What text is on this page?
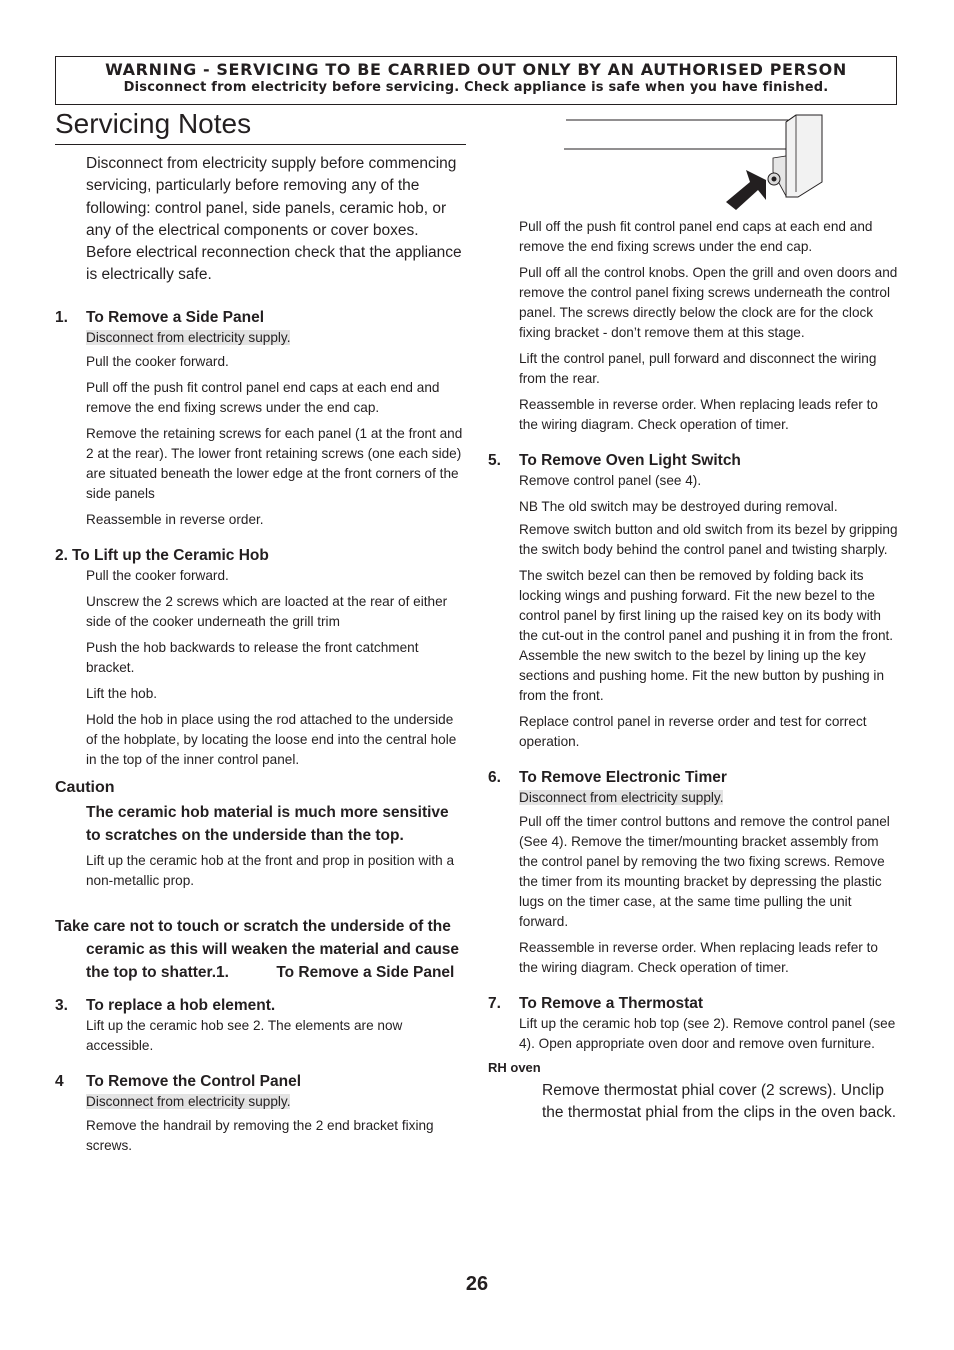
WARNING - SERVICING TO BE CARRIED OUT ONLY BY AN AUTHORISED PERSON
Disconnect from electricity before servicing. Check appliance is safe when you have finished.
Servicing Notes

Disconnect from electricity supply before commencing servicing, particularly before removing any of the following: control panel, side panels, ceramic hob, or any of the electrical components or cover boxes. Before electrical reconnection check that the appliance is electrically safe.

1.	To Remove a Side Panel

Disconnect from electricity supply.

Pull the cooker forward.

Pull off the push fit control panel end caps at each end and remove the end fixing screws under the end cap.

Remove the retaining screws for each panel (1 at the front and 2 at the rear). The lower front retaining screws (one each side) are situated beneath the lower edge at the front corners of the side panels

Reassemble in reverse order.

2. To Lift up the Ceramic Hob

Pull the cooker forward.

Unscrew the 2 screws which are loacted at the rear of either side of the cooker underneath the grill trim

Push the hob backwards to release the front catchment bracket.

Lift the hob.

Hold the hob in place using the rod attached to the underside of the hobplate, by locating the loose end into the central hole in the top of the inner control panel.

Caution

The ceramic hob material is much more sensitive to scratches on the underside than the top.

Lift up the ceramic hob at the front and prop in position with a non-metallic prop.

Take care not to touch or scratch the underside of the ceramic as this will weaken the material and cause the top to shatter.1.           To Remove a Side Panel
3.	To replace a hob element.

Lift up the ceramic hob see 2. The elements are now accessible.

4	To Remove the Control Panel

Disconnect from electricity supply.

Remove the handrail by removing the 2 end bracket fixing screws.

Pull off the push fit control panel end caps at each end and remove the end fixing screws under the end cap.

Pull off all the control knobs. Open the grill and oven doors and remove the control panel fixing screws underneath the control panel. The screws directly below the clock are for the clock fixing bracket - don’t remove them at this stage.

Lift the control panel, pull forward and disconnect the wiring from the rear.

Reassemble in reverse order. When replacing leads refer to the wiring diagram. Check operation of timer.

5.	To Remove Oven Light Switch

Remove control panel (see 4).

NB The old switch may be destroyed during removal.

Remove switch button and old switch from its bezel by gripping the switch body behind the control panel and twisting sharply.

The switch bezel can then be removed by folding back its locking wings and pushing forward. Fit the new bezel to the control panel by first lining up the raised key on its body with the cut-out in the control panel and pushing it in from the front. Assemble the new switch to the bezel by lining up the key sections and pushing home. Fit the new button by pushing in from the front.

Replace control panel in reverse order and test for correct operation.

6.	To Remove Electronic Timer

Disconnect from electricity supply.

Pull off the timer control buttons and remove the control panel (See 4). Remove the timer/mounting bracket assembly from the control panel by removing the two fixing screws. Remove the timer from its mounting bracket by depressing the plastic lugs on the timer case, at the same time pulling the unit forward.

Reassemble in reverse order. When replacing leads refer to the wiring diagram. Check operation of timer.

7.	To Remove a Thermostat

Lift up the ceramic hob top (see 2). Remove control panel (see 4). Open appropriate oven door and remove oven furniture.

RH oven
Remove thermostat phial cover (2 screws). Unclip the thermostat phial from the clips in the oven back.
26
